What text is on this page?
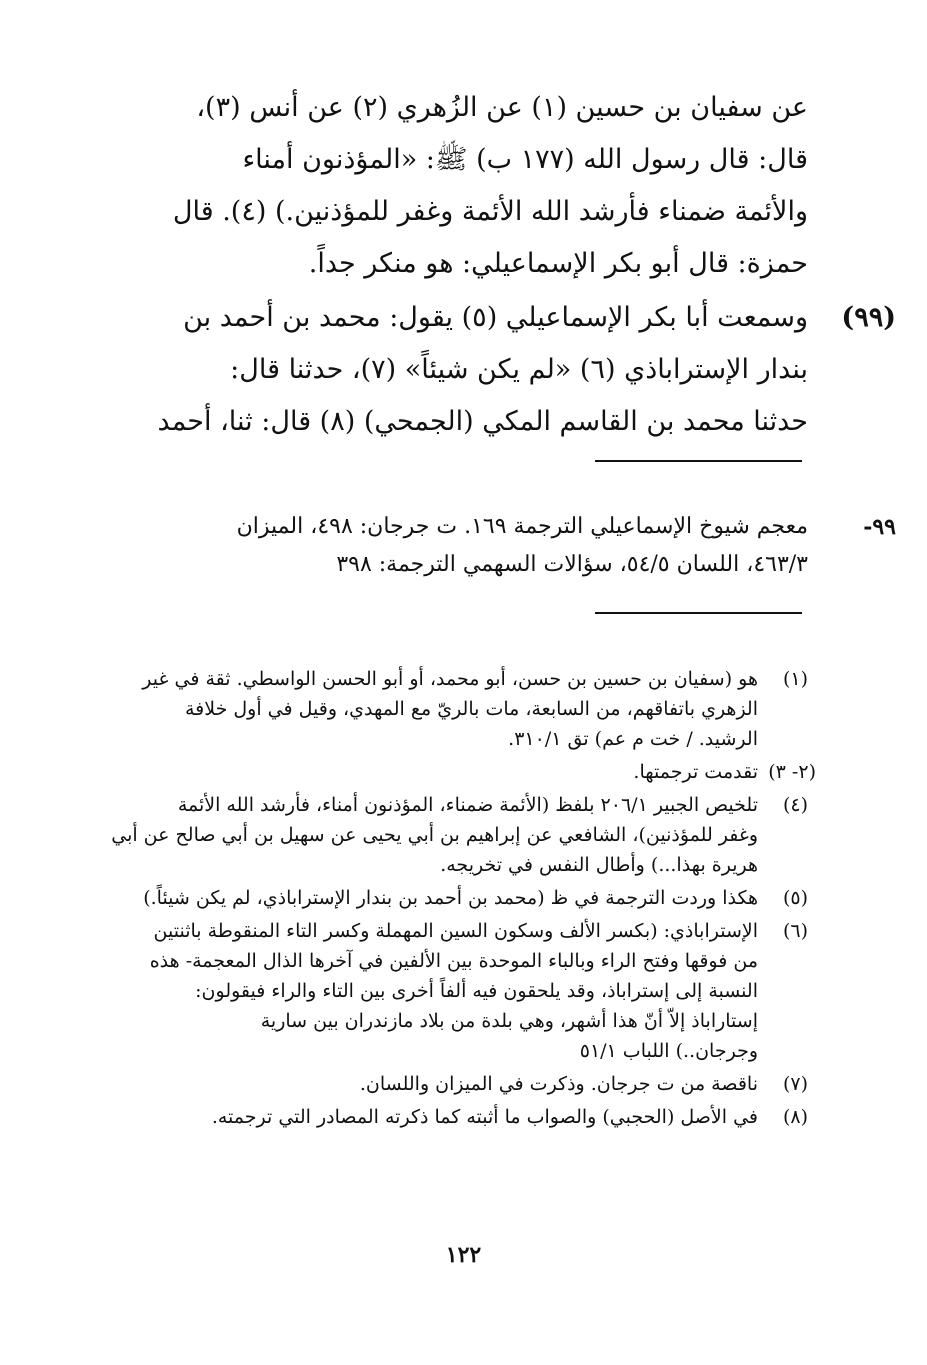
عن سفيان بن حسين (١) عن الزُهري (٢) عن أنس (٣)،
قال: قال رسول الله (١٧٧ ب) ﷺ: «المؤذنون أمناء
والأئمة ضمناء فأرشد الله الأئمة وغفر للمؤذنين.) (٤). قال
حمزة: قال أبو بكر الإسماعيلي: هو منكر جداً.

(٩٩)
وسمعت أبا بكر الإسماعيلي (٥) يقول: محمد بن أحمد بن
بندار الإستراباذي (٦) «لم يكن شيئاً» (٧)، حدثنا قال:
حدثنا محمد بن القاسم المكي (الجمحي) (٨) قال: ثنا، أحمد

٩٩-
معجم شيوخ الإسماعيلي الترجمة ١٦٩. ت جرجان: ٤٩٨، الميزان
٤٦٣/٣، اللسان ٥٤/٥، سؤالات السهمي الترجمة: ٣٩٨

(١)
هو (سفيان بن حسين بن حسن، أبو محمد، أو أبو الحسن الواسطي. ثقة في غير
الزهري باتفاقهم، من السابعة، مات بالريّ مع المهدي، وقيل في أول خلافة
الرشيد. / خت م عم) تق ٣١٠/١.

(٢- ٣)
تقدمت ترجمتها.

(٤)
تلخيص الجبير ٢٠٦/١ بلفظ (الأئمة ضمناء، المؤذنون أمناء، فأرشد الله الأئمة
وغفر للمؤذنين)، الشافعي عن إبراهيم بن أبي يحيى عن سهيل بن أبي صالح عن أبي
هريرة بهذا...) وأطال النفس في تخريجه.

(٥)
هكذا وردت الترجمة في ظ (محمد بن أحمد بن بندار الإستراباذي، لم يكن شيئاً.)

(٦)
الإستراباذي: (بكسر الألف وسكون السين المهملة وكسر التاء المنقوطة باثنتين
من فوقها وفتح الراء وبالباء الموحدة بين الألفين في آخرها الذال المعجمة- هذه
النسبة إلى إستراباذ، وقد يلحقون فيه ألفاً أخرى بين التاء والراء فيقولون:
إستاراباذ إلاّ أنّ هذا أشهر، وهي بلدة من بلاد مازندران بين سارية
وجرجان..) اللباب ٥١/١

(٧)
ناقصة من ت جرجان. وذكرت في الميزان واللسان.

(٨)
في الأصل (الحجبي) والصواب ما أثبته كما ذكرته المصادر التي ترجمته.

١٢٢
